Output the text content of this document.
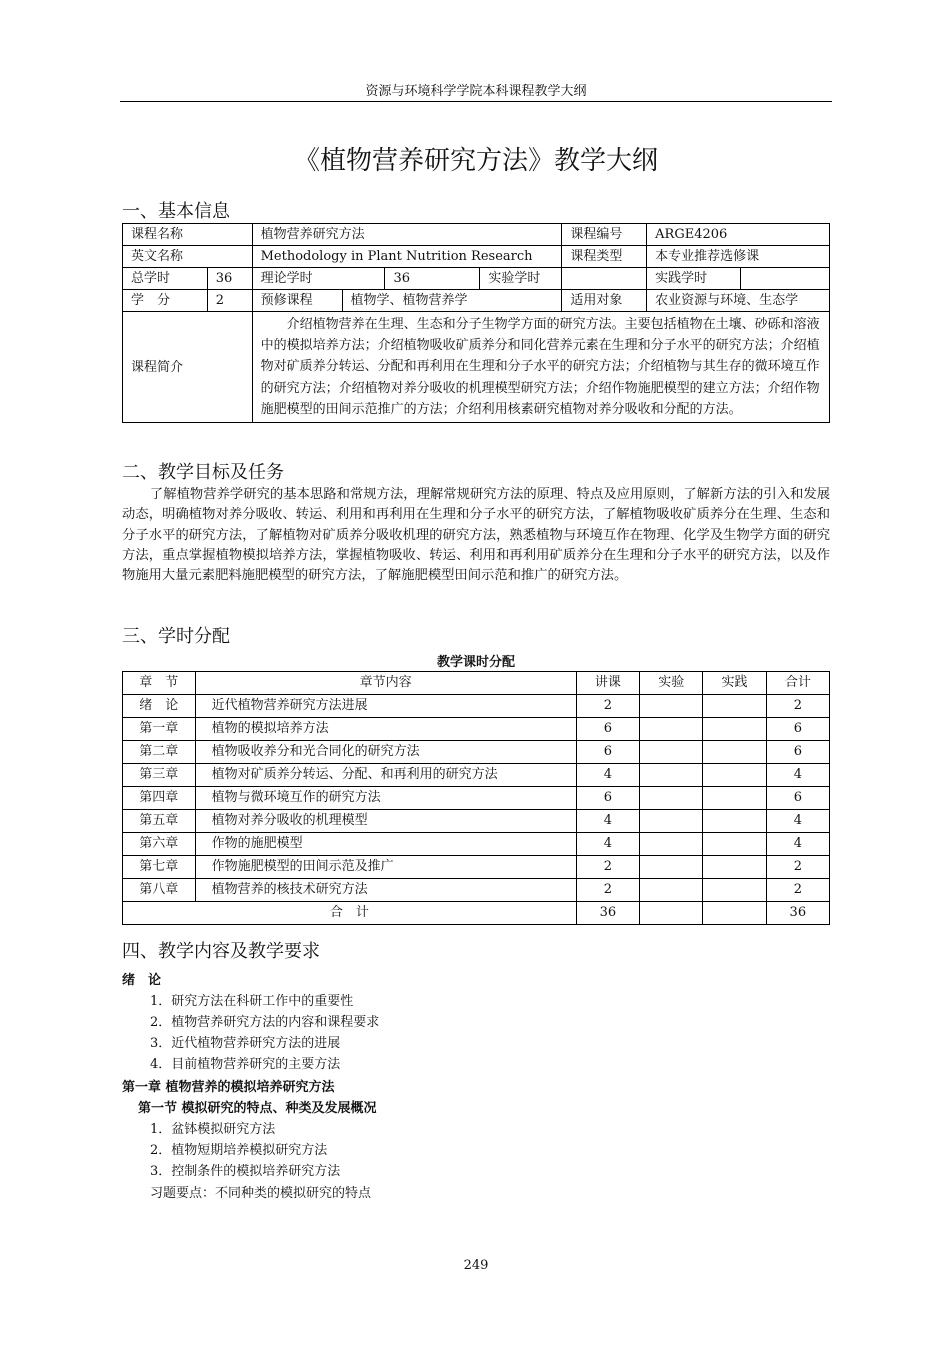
资源与环境科学学院本科课程教学大纲
《植物营养研究方法》教学大纲
一、基本信息
课程名称		植物营养研究方法				课程编号	ARGE4206	
英文名称		Methodology in Plant Nutrition Research				课程类型	本专业推荐选修课	
总学时	36	理论学时		36	实验学时		实践学时	
学　分	2	预修课程	植物学、植物营养学			适用对象	农业资源与环境、生态学	
课程简介		介绍植物营养在生理、生态和分子生物学方面的研究方法。主要包括植物在土壤、砂砾和溶液中的模拟培养方法；介绍植物吸收矿质养分和同化营养元素在生理和分子水平的研究方法；介绍植物对矿质养分转运、分配和再利用在生理和分子水平的研究方法；介绍植物与其生存的微环境互作的研究方法；介绍植物对养分吸收的机理模型研究方法；介绍作物施肥模型的建立方法；介绍作物施肥模型的田间示范推广的方法；介绍利用核素研究植物对养分吸收和分配的方法。						
二、教学目标及任务
了解植物营养学研究的基本思路和常规方法，理解常规研究方法的原理、特点及应用原则，了解新方法的引入和发展动态，明确植物对养分吸收、转运、利用和再利用在生理和分子水平的研究方法，了解植物吸收矿质养分在生理、生态和分子水平的研究方法，了解植物对矿质养分吸收机理的研究方法，熟悉植物与环境互作在物理、化学及生物学方面的研究方法，重点掌握植物模拟培养方法，掌握植物吸收、转运、利用和再利用矿质养分在生理和分子水平的研究方法，以及作物施用大量元素肥料施肥模型的研究方法，了解施肥模型田间示范和推广的研究方法。
三、学时分配
教学课时分配
章　节	章节内容	讲课	实验	实践	合计
绪　论	近代植物营养研究方法进展	2			2
第一章	植物的模拟培养方法	6			6
第二章	植物吸收养分和光合同化的研究方法	6			6
第三章	植物对矿质养分转运、分配、和再利用的研究方法	4			4
第四章	植物与微环境互作的研究方法	6			6
第五章	植物对养分吸收的机理模型	4			4
第六章	作物的施肥模型	4			4
第七章	作物施肥模型的田间示范及推广	2			2
第八章	植物营养的核技术研究方法	2			2
合　计		36			36
四、教学内容及教学要求
绪　论
1．研究方法在科研工作中的重要性
2．植物营养研究方法的内容和课程要求
3．近代植物营养研究方法的进展
4．目前植物营养研究的主要方法
第一章 植物营养的模拟培养研究方法
第一节 模拟研究的特点、种类及发展概况
1．盆钵模拟研究方法
2．植物短期培养模拟研究方法
3．控制条件的模拟培养研究方法
习题要点：不同种类的模拟研究的特点
249
